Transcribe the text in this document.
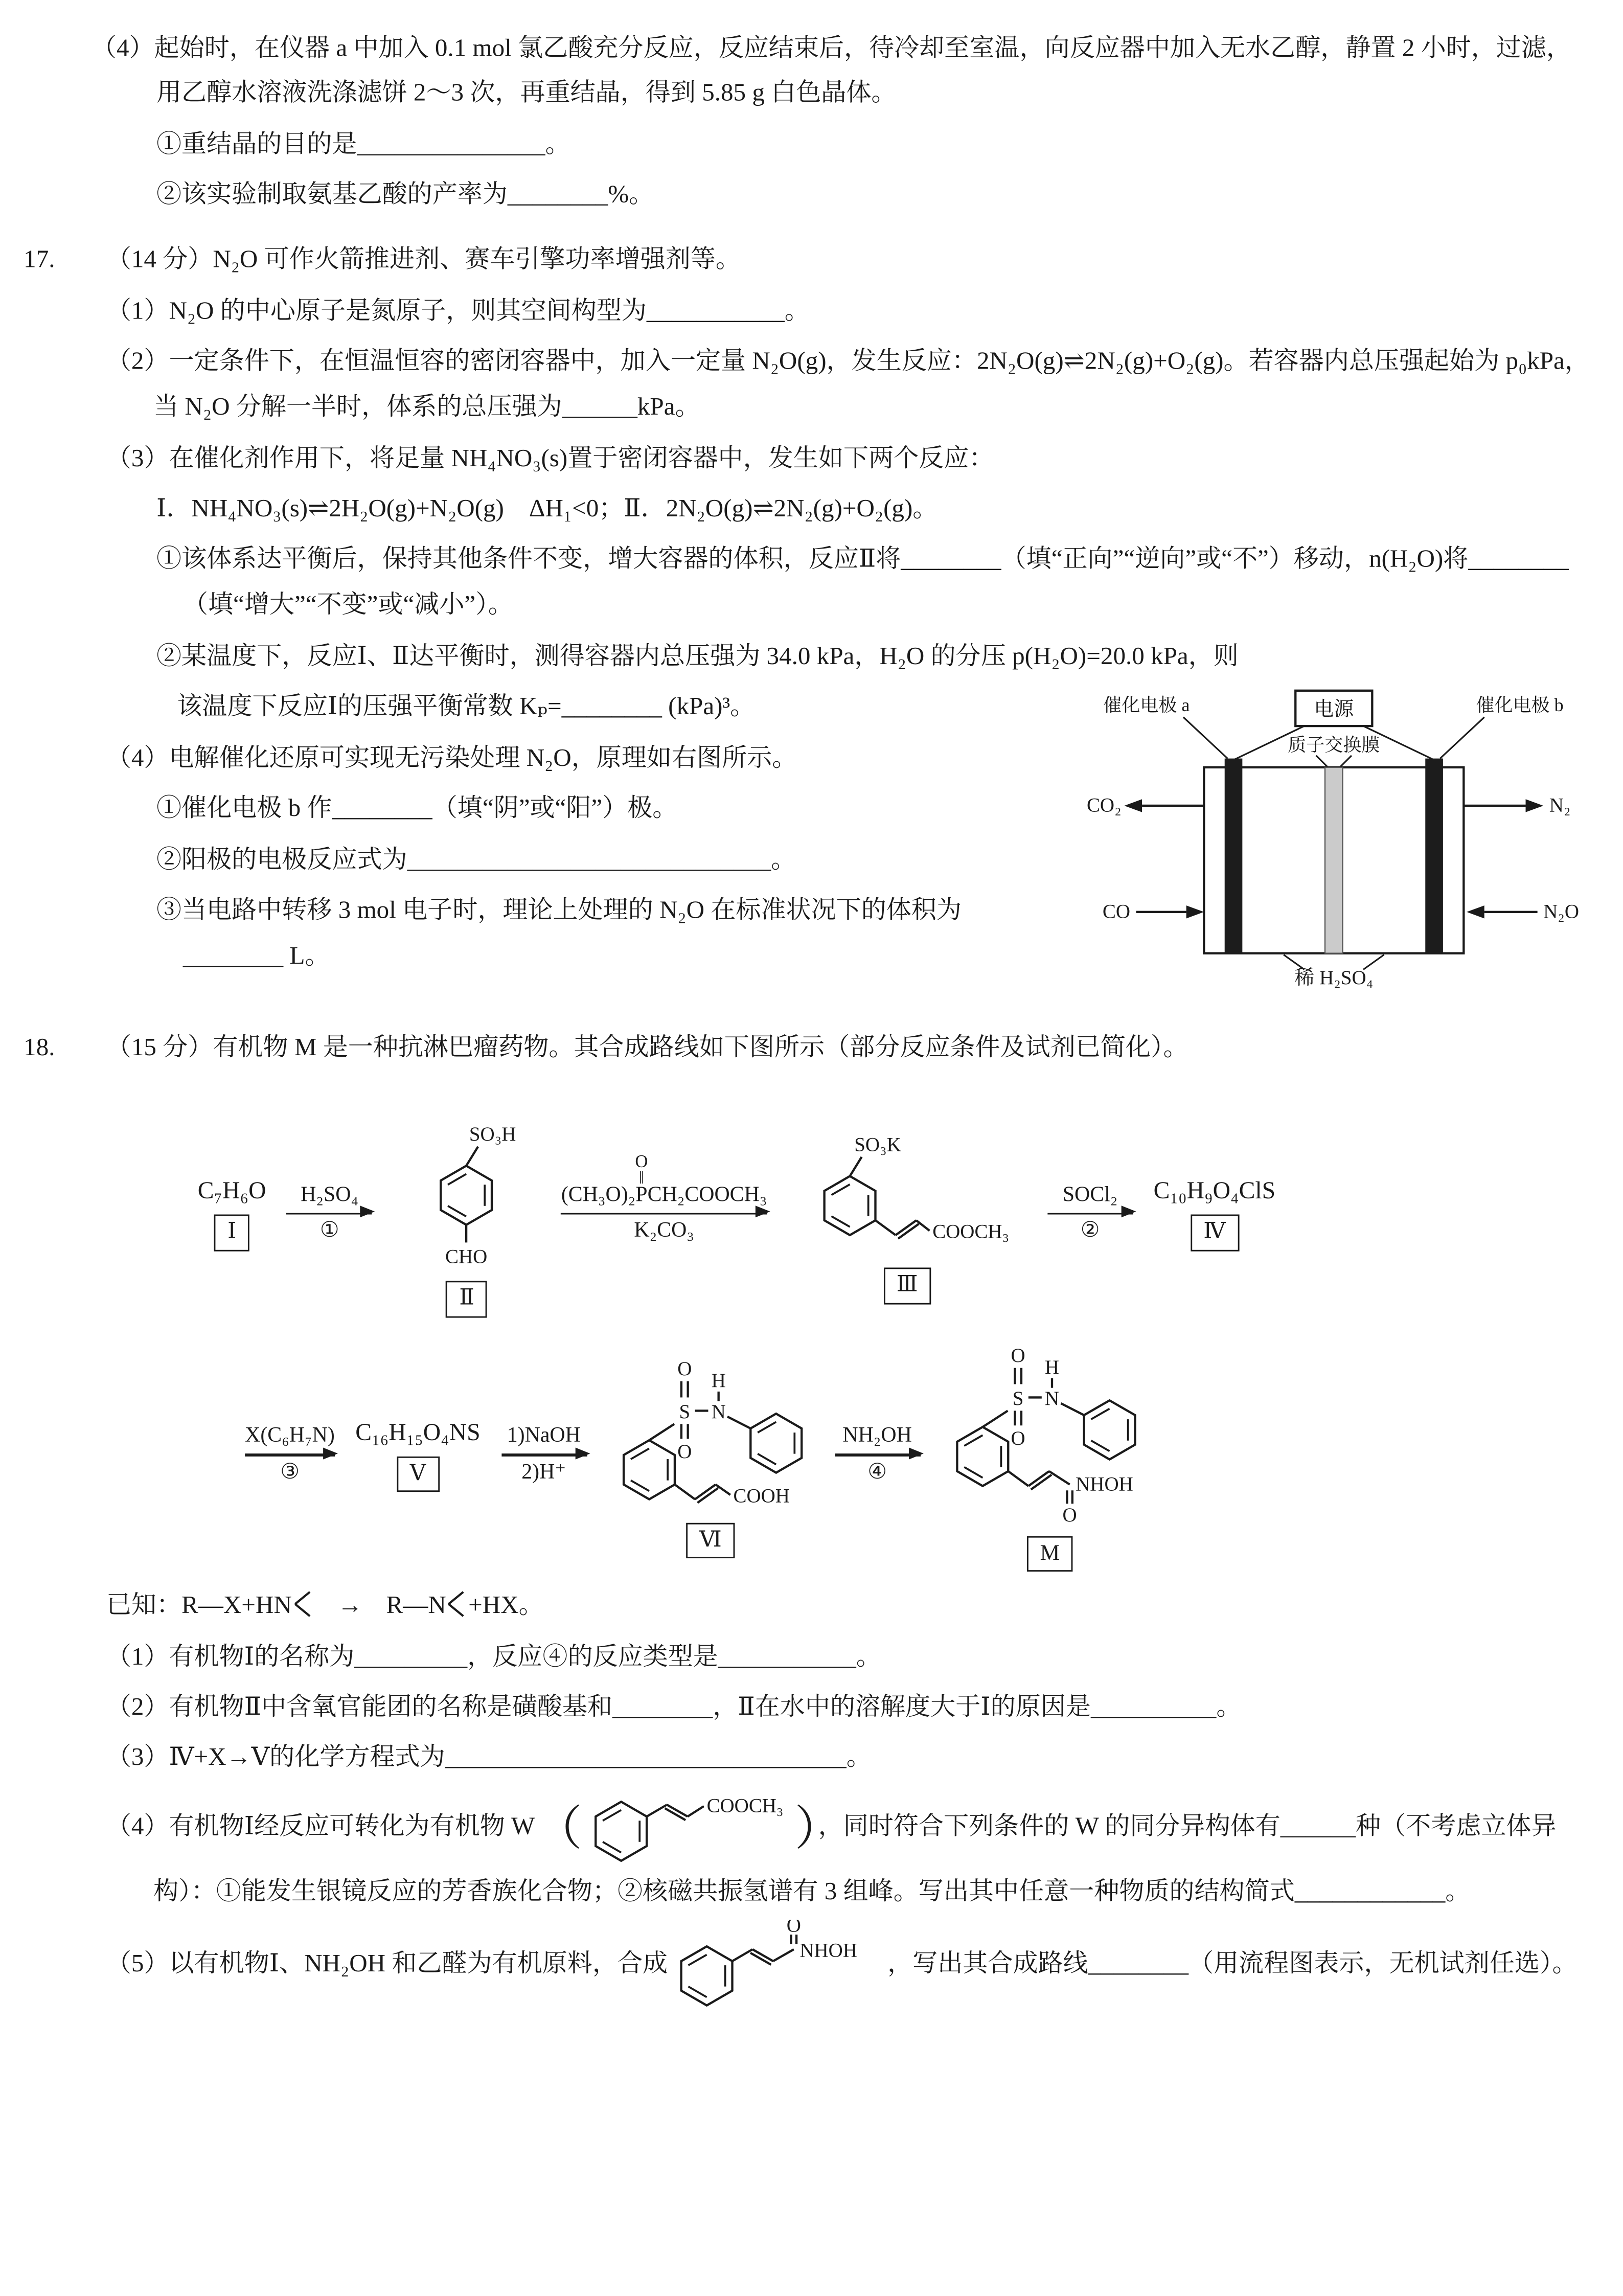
（4）起始时，在仪器 a 中加入 0.1 mol 氯乙酸充分反应，反应结束后，待冷却至室温，向反应器中加入无水乙醇，静置 2 小时，过滤，用乙醇水溶液洗涤滤饼 2～3 次，再重结晶，得到 5.85 g 白色晶体。

①重结晶的目的是_______________。

②该实验制取氨基乙酸的产率为________%。

17.	（14 分）N₂O 可作火箭推进剂、赛车引擎功率增强剂等。

（1）N₂O 的中心原子是氮原子，则其空间构型为___________。

（2）一定条件下，在恒温恒容的密闭容器中，加入一定量 N₂O(g)，发生反应：2N₂O(g)⇌2N₂(g)+O₂(g)。若容器内总压强起始为 p₀kPa，当 N₂O 分解一半时，体系的总压强为______kPa。

（3）在催化剂作用下，将足量 NH₄NO₃(s)置于密闭容器中，发生如下两个反应：

Ⅰ．NH₄NO₃(s)⇌2H₂O(g)+N₂O(g)　ΔH₁<0；Ⅱ．2N₂O(g)⇌2N₂(g)+O₂(g)。

①该体系达平衡后，保持其他条件不变，增大容器的体积，反应Ⅱ将________（填“正向”“逆向”或“不”）移动，n(H₂O)将________（填“增大”“不变”或“减小”）。

②某温度下，反应Ⅰ、Ⅱ达平衡时，测得容器内总压强为 34.0 kPa，H₂O 的分压 p(H₂O)=20.0 kPa，则

电源
催化电极 a	催化电极 b
质子交换膜
CO₂
CO
N₂
N₂O
稀 H₂SO₄

该温度下反应Ⅰ的压强平衡常数 Kₚ=________ (kPa)³。

（4）电解催化还原可实现无污染处理 N₂O，原理如右图所示。

①催化电极 b 作________（填“阴”或“阳”）极。

②阳极的电极反应式为_____________________________。

③当电路中转移 3 mol 电子时，理论上处理的 N₂O 在标准状况下的体积为________ L。

18.	（15 分）有机物 M 是一种抗淋巴瘤药物。其合成路线如下图所示（部分反应条件及试剂已简化）。

C₇H₆O
Ⅰ
H₂SO₄
①
SO₃H
CHO
Ⅱ
(CH₃O)₂
O
‖
PCH₂COOCH₃
K₂CO₃
SO₃K
COOCH₃
Ⅲ
SOCl₂
②
C₁₀H₉O₄ClS
Ⅳ
X(C₆H₇N)
③
C₁₆H₁₅O₄NS
Ⅴ
1)NaOH
2)H⁺
O
S
O
N
H
COOH
Ⅵ
NH₂OH
④
O
S
O
N
H
O
NHOH
M

已知：R—X+HN	→	R—N	+HX。

（1）有机物Ⅰ的名称为_________，反应④的反应类型是___________。

（2）有机物Ⅱ中含氧官能团的名称是磺酸基和________，Ⅱ在水中的溶解度大于Ⅰ的原因是__________。

（3）Ⅳ+X→Ⅴ的化学方程式为________________________________。

（4）有机物Ⅰ经反应可转化为有机物 W（	COOCH₃ ），同时符合下列条件的 W 的同分异构体有______种（不考虑立体异构）：①能发生银镜反应的芳香族化合物；②核磁共振氢谱有 3 组峰。写出其中任意一种物质的结构简式____________。
（5）以有机物Ⅰ、NH₂OH 和乙醛为有机原料，合成
O
NHOH	，写出其合成路线________（用流程图表示，无机试剂任选）。
